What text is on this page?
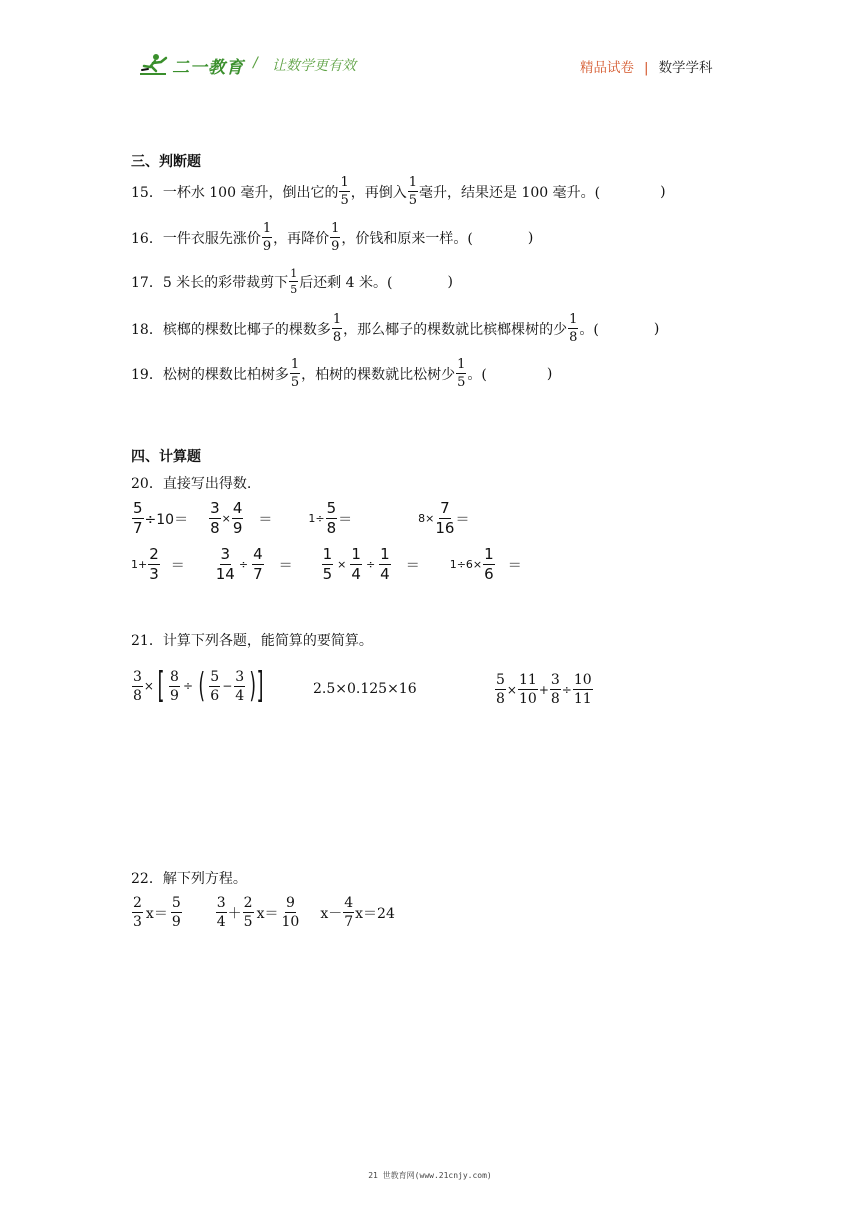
二一教育 / 让数学更有效	精品试卷 | 数学学科
三、判断题
15． 一杯水 100 毫升，倒出它的 $\frac{1}{5}$ ，再倒入 $\frac{1}{5}$ 毫升，结果还是 100 毫升。(	)
16． 一件衣服先涨价 $\frac{1}{9}$ ，再降价 $\frac{1}{9}$ ，价钱和原来一样。(	)
17． 5 米长的彩带裁剪下 $\frac{1}{5}$ 后还剩 4 米。(	)
18． 槟榔的棵数比椰子的棵数多 $\frac{1}{8}$ ，那么椰子的棵数就比槟榔棵树的少 $\frac{1}{8}$ 。(	)
19． 松树的棵数比柏树多 $\frac{1}{5}$ ，柏树的棵数就比松树少 $\frac{1}{5}$ 。(	)
四、计算题
20．直接写出得数.
$\frac{5}{7} \div 10= \frac{3}{8} \times \frac{4}{9}$ ＝	$1\div \frac{5}{8}$ ＝	$8\times \frac{7}{16}$ ＝
$1+ \frac{2}{3} = \frac{3}{14} \div \frac{4}{7} = \frac{1}{5} \times \frac{1}{4} \div \frac{1}{4}$ ＝	$1\div 6\times \frac{1}{6}$ ＝
21．计算下列各题，能简算的要简算。
$\frac{3}{8}$ × [ $\frac{8}{9}$ ÷ ( $\frac{5}{6} - \frac{3}{4}$ ) ]	2.5×0.125×16	$\frac{5}{8} \times \frac{11}{10} + \frac{3}{8} \div \frac{10}{11}$
22．解下列方程。
$\frac{2}{3} x= \frac{5}{9} \frac{3}{4} + \frac{2}{5} x= \frac{9}{10} x- \frac{4}{7} x=24$
21 世教育网(www.21cnjy.com)
